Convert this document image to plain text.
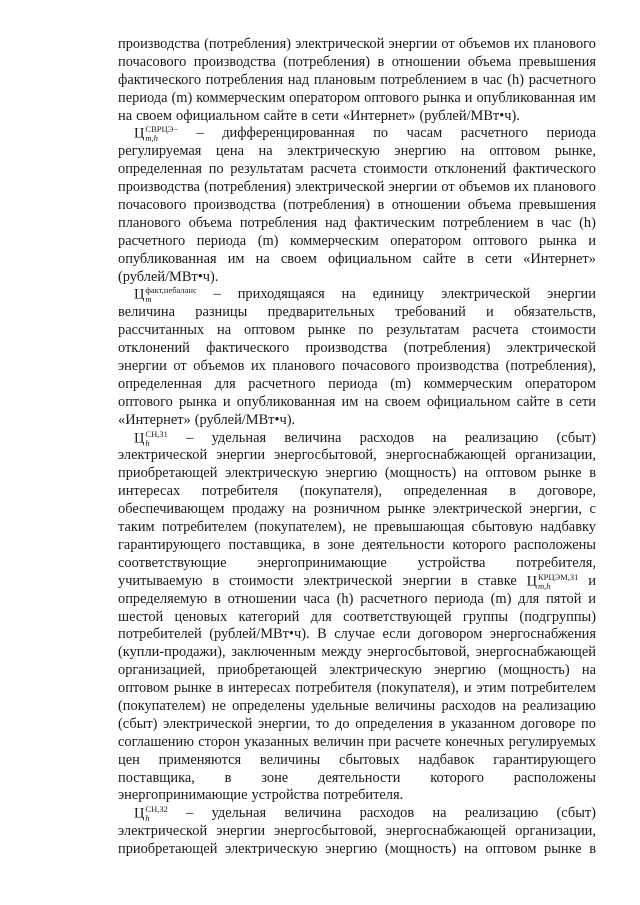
производства (потребления) электрической энергии от объемов их планового
почасового производства (потребления) в отношении объема превышения
фактического потребления над плановым потреблением в час (h) расчетного
периода (m) коммерческим оператором оптового рынка и опубликованная им
на своем официальном сайте в сети «Интернет» (рублей/МВт•ч).
Ц СВРЦЭ−
m,h	– дифференцированная по часам расчетного периода
регулируемая цена на электрическую энергию на оптовом рынке,
определенная по результатам расчета стоимости отклонений фактического
производства (потребления) электрической энергии от объемов их планового
почасового производства (потребления) в отношении объема превышения
планового объема потребления над фактическим потреблением в час (h)
расчетного периода (m) коммерческим оператором оптового рынка и
опубликованная им на своем официальном сайте в сети «Интернет»
(рублей/МВт•ч).
Ц факт,небаланс
m	– приходящаяся на единицу электрической энергии
величина разницы предварительных требований и обязательств,
рассчитанных на оптовом рынке по результатам расчета стоимости
отклонений фактического производства (потребления) электрической
энергии от объемов их планового почасового производства (потребления),
определенная для расчетного периода (m) коммерческим оператором
оптового рынка и опубликованная им на своем официальном сайте в сети
«Интернет» (рублей/МВт•ч).
Ц СН,З1
h	– удельная величина расходов на реализацию (сбыт)
электрической энергии энергосбытовой, энергоснабжающей организации,
приобретающей электрическую энергию (мощность) на оптовом рынке в
интересах потребителя (покупателя), определенная в договоре,
обеспечивающем продажу на розничном рынке электрической энергии, с
таким потребителем (покупателем), не превышающая сбытовую надбавку
гарантирующего поставщика, в зоне деятельности которого расположены
соответствующие энергопринимающие устройства потребителя,
учитываемую в стоимости электрической энергии в ставке Ц КРЦЭМ,З1
m,h	и
определяемую в отношении часа (h) расчетного периода (m) для пятой и
шестой ценовых категорий для соответствующей группы (подгруппы)
потребителей (рублей/МВт•ч). В случае если договором энергоснабжения
(купли-продажи), заключенным между энергосбытовой, энергоснабжающей
организацией, приобретающей электрическую энергию (мощность) на
оптовом рынке в интересах потребителя (покупателя), и этим потребителем
(покупателем) не определены удельные величины расходов на реализацию
(сбыт) электрической энергии, то до определения в указанном договоре по
соглашению сторон указанных величин при расчете конечных регулируемых
цен применяются величины сбытовых надбавок гарантирующего
поставщика, в зоне деятельности которого расположены
энергопринимающие устройства потребителя.
Ц СН,З2
h	– удельная величина расходов на реализацию (сбыт)
электрической энергии энергосбытовой, энергоснабжающей организации,
приобретающей электрическую энергию (мощность) на оптовом рынке в
